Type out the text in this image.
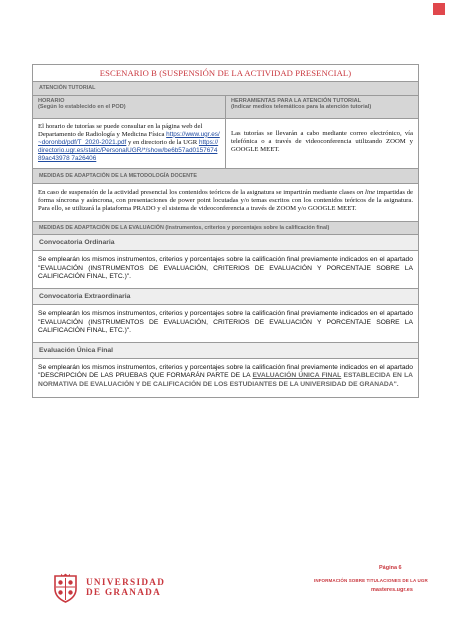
ESCENARIO B (SUSPENSIÓN DE LA ACTIVIDAD PRESENCIAL)
ATENCIÓN TUTORIAL
HORARIO
(Según lo establecido en el POD)
HERRAMIENTAS PARA LA ATENCIÓN TUTORIAL
(Indicar medios telemáticos para la atención tutorial)
El horario de tutorías se puede consultar en la página web del Departamento de Radiología y Medicina Física https://www.ugr.es/~doronbd/pdf/T_2020-2021.pdf y en directorio de la UGR https://directorio.ugr.es/static/PersonalUGR/*/show/be6b57ad015767489ac43978 7a26406
Las tutorías se llevarán a cabo mediante correo electrónico, vía telefónica o a través de videoconferencia utilizando ZOOM y GOOGLE MEET.
MEDIDAS DE ADAPTACIÓN DE LA METODOLOGÍA DOCENTE
En caso de suspensión de la actividad presencial los contenidos teóricos de la asignatura se impartirán mediante clases on line impartidas de forma síncrona y asíncrona, con presentaciones de power point locutadas y/o temas escritos con los contenidos teóricos de la asignatura. Para ello, se utilizará la plataforma PRADO y el sistema de videoconferencia a través de ZOOM y/o GOOGLE MEET.
MEDIDAS DE ADAPTACIÓN DE LA EVALUACIÓN (Instrumentos, criterios y porcentajes sobre la calificación final)
Convocatoria Ordinaria
Se emplearán los mismos instrumentos, criterios y porcentajes sobre la calificación final previamente indicados en el apartado "EVALUACIÓN (INSTRUMENTOS DE EVALUACIÓN, CRITERIOS DE EVALUACIÓN Y PORCENTAJE SOBRE LA CALIFICACIÓN FINAL, ETC.)".
Convocatoria Extraordinaria
Se emplearán los mismos instrumentos, criterios y porcentajes sobre la calificación final previamente indicados en el apartado "EVALUACIÓN (INSTRUMENTOS DE EVALUACIÓN, CRITERIOS DE EVALUACIÓN Y PORCENTAJE SOBRE LA CALIFICACIÓN FINAL, ETC.)".
Evaluación Única Final
Se emplearán los mismos instrumentos, criterios y porcentajes sobre la calificación final previamente indicados en el apartado "DESCRIPCIÓN DE LAS PRUEBAS QUE FORMARÁN PARTE DE LA EVALUACIÓN ÚNICA FINAL ESTABLECIDA EN LA NORMATIVA DE EVALUACIÓN Y DE CALIFICACIÓN DE LOS ESTUDIANTES DE LA UNIVERSIDAD DE GRANADA".
UNIVERSIDAD
DE GRANADA
Página 6
INFORMACIÓN SOBRE TITULACIONES DE LA UGR
masteres.ugr.es
